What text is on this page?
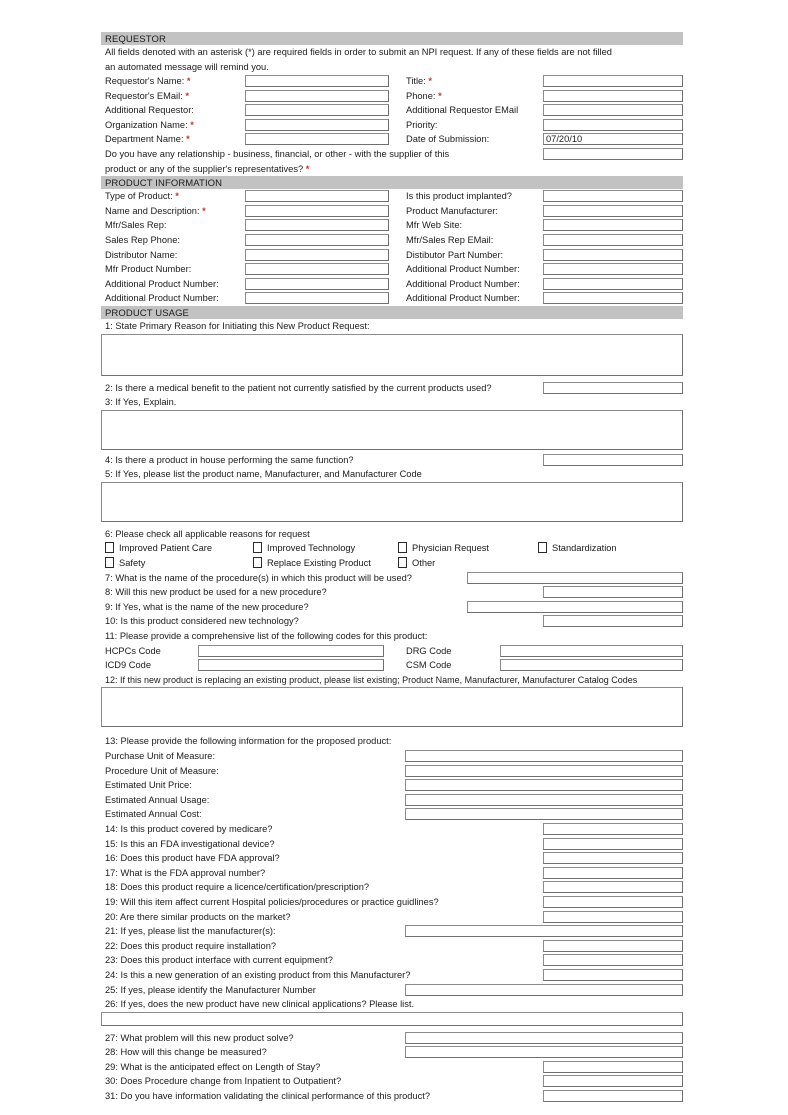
REQUESTOR
All fields denoted with an asterisk (*) are required fields in order to submit an NPI request. If any of these fields are not filled
an automated message will remind you.
Requestor's Name: *	Title: *
Requestor's EMail: *	Phone: *
Additional Requestor:	Additional Requestor EMail
Organization Name: *	Priority:
Department Name: *	Date of Submission:	07/20/10
Do you have any relationship - business, financial, or other - with the supplier of this
product or any of the supplier's representatives? *
PRODUCT INFORMATION
Type of Product: *	Is this product implanted?
Name and Description: *	Product Manufacturer:
Mfr/Sales Rep:	Mfr Web Site:
Sales Rep Phone:	Mfr/Sales Rep EMail:
Distributor Name:	Distibutor Part Number:
Mfr Product Number:	Additional Product Number:
Additional Product Number:	Additional Product Number:
Additional Product Number:	Additional Product Number:
PRODUCT USAGE
1: State Primary Reason for Initiating this New Product Request:
2: Is there a medical benefit to the patient not currently satisfied by the current products used?
3: If Yes, Explain.
4: Is there a product in house performing the same function?
5: If Yes, please list the product name, Manufacturer, and Manufacturer Code
6: Please check all applicable reasons for request
Improved Patient Care	Improved Technology	Physician Request	Standardization
Safety	Replace Existing Product	Other
7: What is the name of the procedure(s) in which this product will be used?
8: Will this new product be used for a new procedure?
9: If Yes, what is the name of the new procedure?
10: Is this product considered new technology?
11: Please provide a comprehensive list of the following codes for this product:
HCPCs Code	DRG Code
ICD9 Code	CSM Code
12: If this new product is replacing an existing product, please list existing; Product Name, Manufacturer, Manufacturer Catalog Codes
13: Please provide the following information for the proposed product:
Purchase Unit of Measure:
Procedure Unit of Measure:
Estimated Unit Price:
Estimated Annual Usage:
Estimated Annual Cost:
14: Is this product covered by medicare?
15: Is this an FDA investigational device?
16: Does this product have FDA approval?
17: What is the FDA approval number?
18: Does this product require a licence/certification/prescription?
19: Will this item affect current Hospital policies/procedures or practice guidlines?
20: Are there similar products on the market?
21: If yes, please list the manufacturer(s):
22: Does this product require installation?
23: Does this product interface with current equipment?
24: Is this a new generation of an existing product from this Manufacturer?
25: If yes, please identify the Manufacturer Number
26: If yes, does the new product have new clinical applications? Please list.
27: What problem will this new product solve?
28: How will this change be measured?
29: What is the anticipated effect on Length of Stay?
30: Does Procedure change from Inpatient to Outpatient?
31: Do you have information validating the clinical performance of this product?
